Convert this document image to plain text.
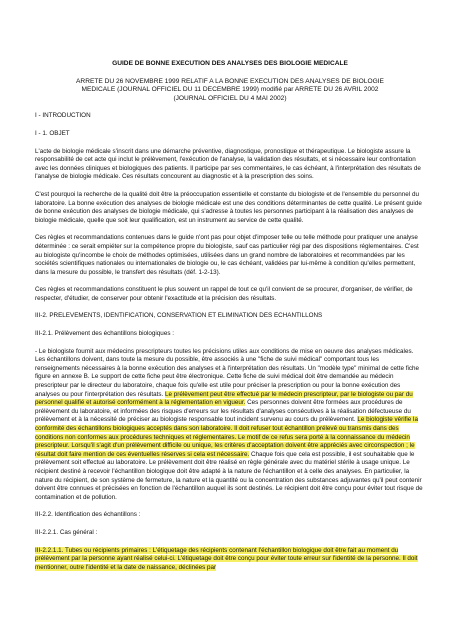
GUIDE DE BONNE EXECUTION DES ANALYSES DES BIOLOGIE MEDICALE
ARRETE DU 26 NOVEMBRE 1999 RELATIF A LA BONNE EXECUTION DES ANALYSES DE BIOLOGIE
MEDICALE (JOURNAL OFFICIEL DU 11 DECEMBRE 1999) modifié par ARRETE DU 26 AVRIL 2002
(JOURNAL OFFICIEL DU 4 MAI 2002)
I - INTRODUCTION
I - 1. OBJET
L'acte de biologie médicale s'inscrit dans une démarche préventive, diagnostique, pronostique et thérapeutique. Le biologiste assure la responsabilité de cet acte qui inclut le prélèvement, l'exécution de l'analyse, la validation des résultats, et si nécessaire leur confrontation avec les données cliniques et biologiques des patients. Il participe par ses commentaires, le cas échéant, à l'interprétation des résultats de l'analyse de biologie médicale. Ces résultats concourent au diagnostic et à la prescription des soins.
C'est pourquoi la recherche de la qualité doit être la préoccupation essentielle et constante du biologiste et de l'ensemble du personnel du laboratoire. La bonne exécution des analyses de biologie médicale est une des conditions déterminantes de cette qualité. Le présent guide de bonne exécution des analyses de biologie médicale, qui s'adresse à toutes les personnes participant à la réalisation des analyses de biologie médicale, quelle que soit leur qualification, est un instrument au service de cette qualité.
Ces règles et recommandations contenues dans le guide n'ont pas pour objet d'imposer telle ou telle méthode pour pratiquer une analyse déterminée : ce serait empiéter sur la compétence propre du biologiste, sauf cas particulier régi par des dispositions réglementaires. C'est au biologiste qu'incombe le choix de méthodes optimisées, utilisées dans un grand nombre de laboratoires et recommandées par les sociétés scientifiques nationales ou internationales de biologie ou, le cas échéant, validées par lui-même à condition qu'elles permettent, dans la mesure du possible, le transfert des résultats (déf. 1-2-13).
Ces règles et recommandations constituent le plus souvent un rappel de tout ce qu'il convient de se procurer, d'organiser, de vérifier, de respecter, d'étudier, de conserver pour obtenir l'exactitude et la précision des résultats.
III-2. PRELEVEMENTS, IDENTIFICATION, CONSERVATION ET ELIMINATION DES ECHANTILLONS
III-2.1. Prélèvement des échantillons biologiques :
- Le biologiste fournit aux médecins prescripteurs toutes les précisions utiles aux conditions de mise en oeuvre des analyses médicales. Les échantillons doivent, dans toute la mesure du possible, être associés à une "fiche de suivi médical" comportant tous les renseignements nécessaires à la bonne exécution des analyses et à l'interprétation des résultats. Un "modèle type" minimal de cette fiche figure en annexe B. Le support de cette fiche peut être électronique. Cette fiche de suivi médical doit être demandée au médecin prescripteur par le directeur du laboratoire, chaque fois qu'elle est utile pour préciser la prescription ou pour la bonne exécution des analyses ou pour l'interprétation des résultats. Le prélèvement peut être effectué par le médecin prescripteur, par le biologiste ou par du personnel qualifié et autorisé conformément à la réglementation en vigueur. Ces personnes doivent être formées aux procédures de prélèvement du laboratoire, et informées des risques d'erreurs sur les résultats d'analyses consécutives à la réalisation défectueuse du prélèvement et à la nécessité de préciser au biologiste responsable tout incident survenu au cours du prélèvement. Le biologiste vérifie la conformité des échantillons biologiques acceptés dans son laboratoire. Il doit refuser tout échantillon prélevé ou transmis dans des conditions non conformes aux procédures techniques et réglementaires. Le motif de ce refus sera porté à la connaissance du médecin prescripteur. Lorsqu'il s'agit d'un prélèvement difficile ou unique, les critères d'acceptation doivent être appréciés avec circonspection ; le résultat doit faire mention de ces éventuelles réserves si cela est nécessaire. Chaque fois que cela est possible, il est souhaitable que le prélèvement soit effectué au laboratoire. Le prélèvement doit être réalisé en règle générale avec du matériel stérile à usage unique. Le récipient destiné à recevoir l'échantillon biologique doit être adapté à la nature de l'échantillon et à celle des analyses. En particulier, la nature du récipient, de son système de fermeture, la nature et la quantité ou la concentration des substances adjuvantes qu'il peut contenir doivent être connues et précisées en fonction de l'échantillon auquel ils sont destinés. Le récipient doit être conçu pour éviter tout risque de contamination et de pollution.
III-2.2. Identification des échantillons :
III-2.2.1. Cas général :
III-2.2.1.1. Tubes ou récipients primaires : L'étiquetage des récipients contenant l'échantillon biologique doit être fait au moment du prélèvement par la personne ayant réalisé celui-ci. L'étiquetage doit être conçu pour éviter toute erreur sur l'identité de la personne. Il doit mentionner, outre l'identité et la date de naissance, déclinées par
